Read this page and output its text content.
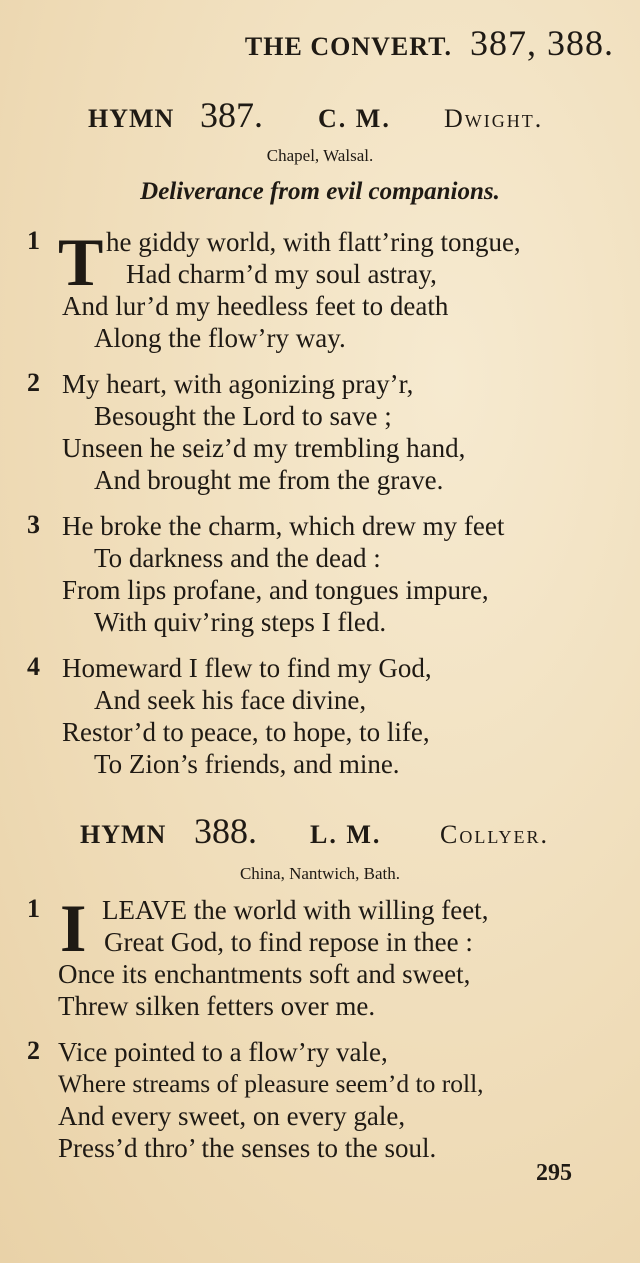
THE CONVERT. 387, 388.
HYMN 387. C. M. Dwight.
Chapel, Walsal.
Deliverance from evil companions.
1 T he giddy world, with flatt’ring tongue,
Had charm’d my soul astray,
And lur’d my heedless feet to death
Along the flow’ry way.
2 My heart, with agonizing pray’r,
Besought the Lord to save ;
Unseen he seiz’d my trembling hand,
And brought me from the grave.
3 He broke the charm, which drew my feet
To darkness and the dead :
From lips profane, and tongues impure,
With quiv’ring steps I fled.
4 Homeward I flew to find my God,
And seek his face divine,
Restor’d to peace, to hope, to life,
To Zion’s friends, and mine.
HYMN 388. L. M. Collyer.
China, Nantwich, Bath.
1 I LEAVE the world with willing feet,
Great God, to find repose in thee :
Once its enchantments soft and sweet,
Threw silken fetters over me.
2 Vice pointed to a flow’ry vale,
Where streams of pleasure seem’d to roll,
And every sweet, on every gale,
Press’d thro’ the senses to the soul.
295
